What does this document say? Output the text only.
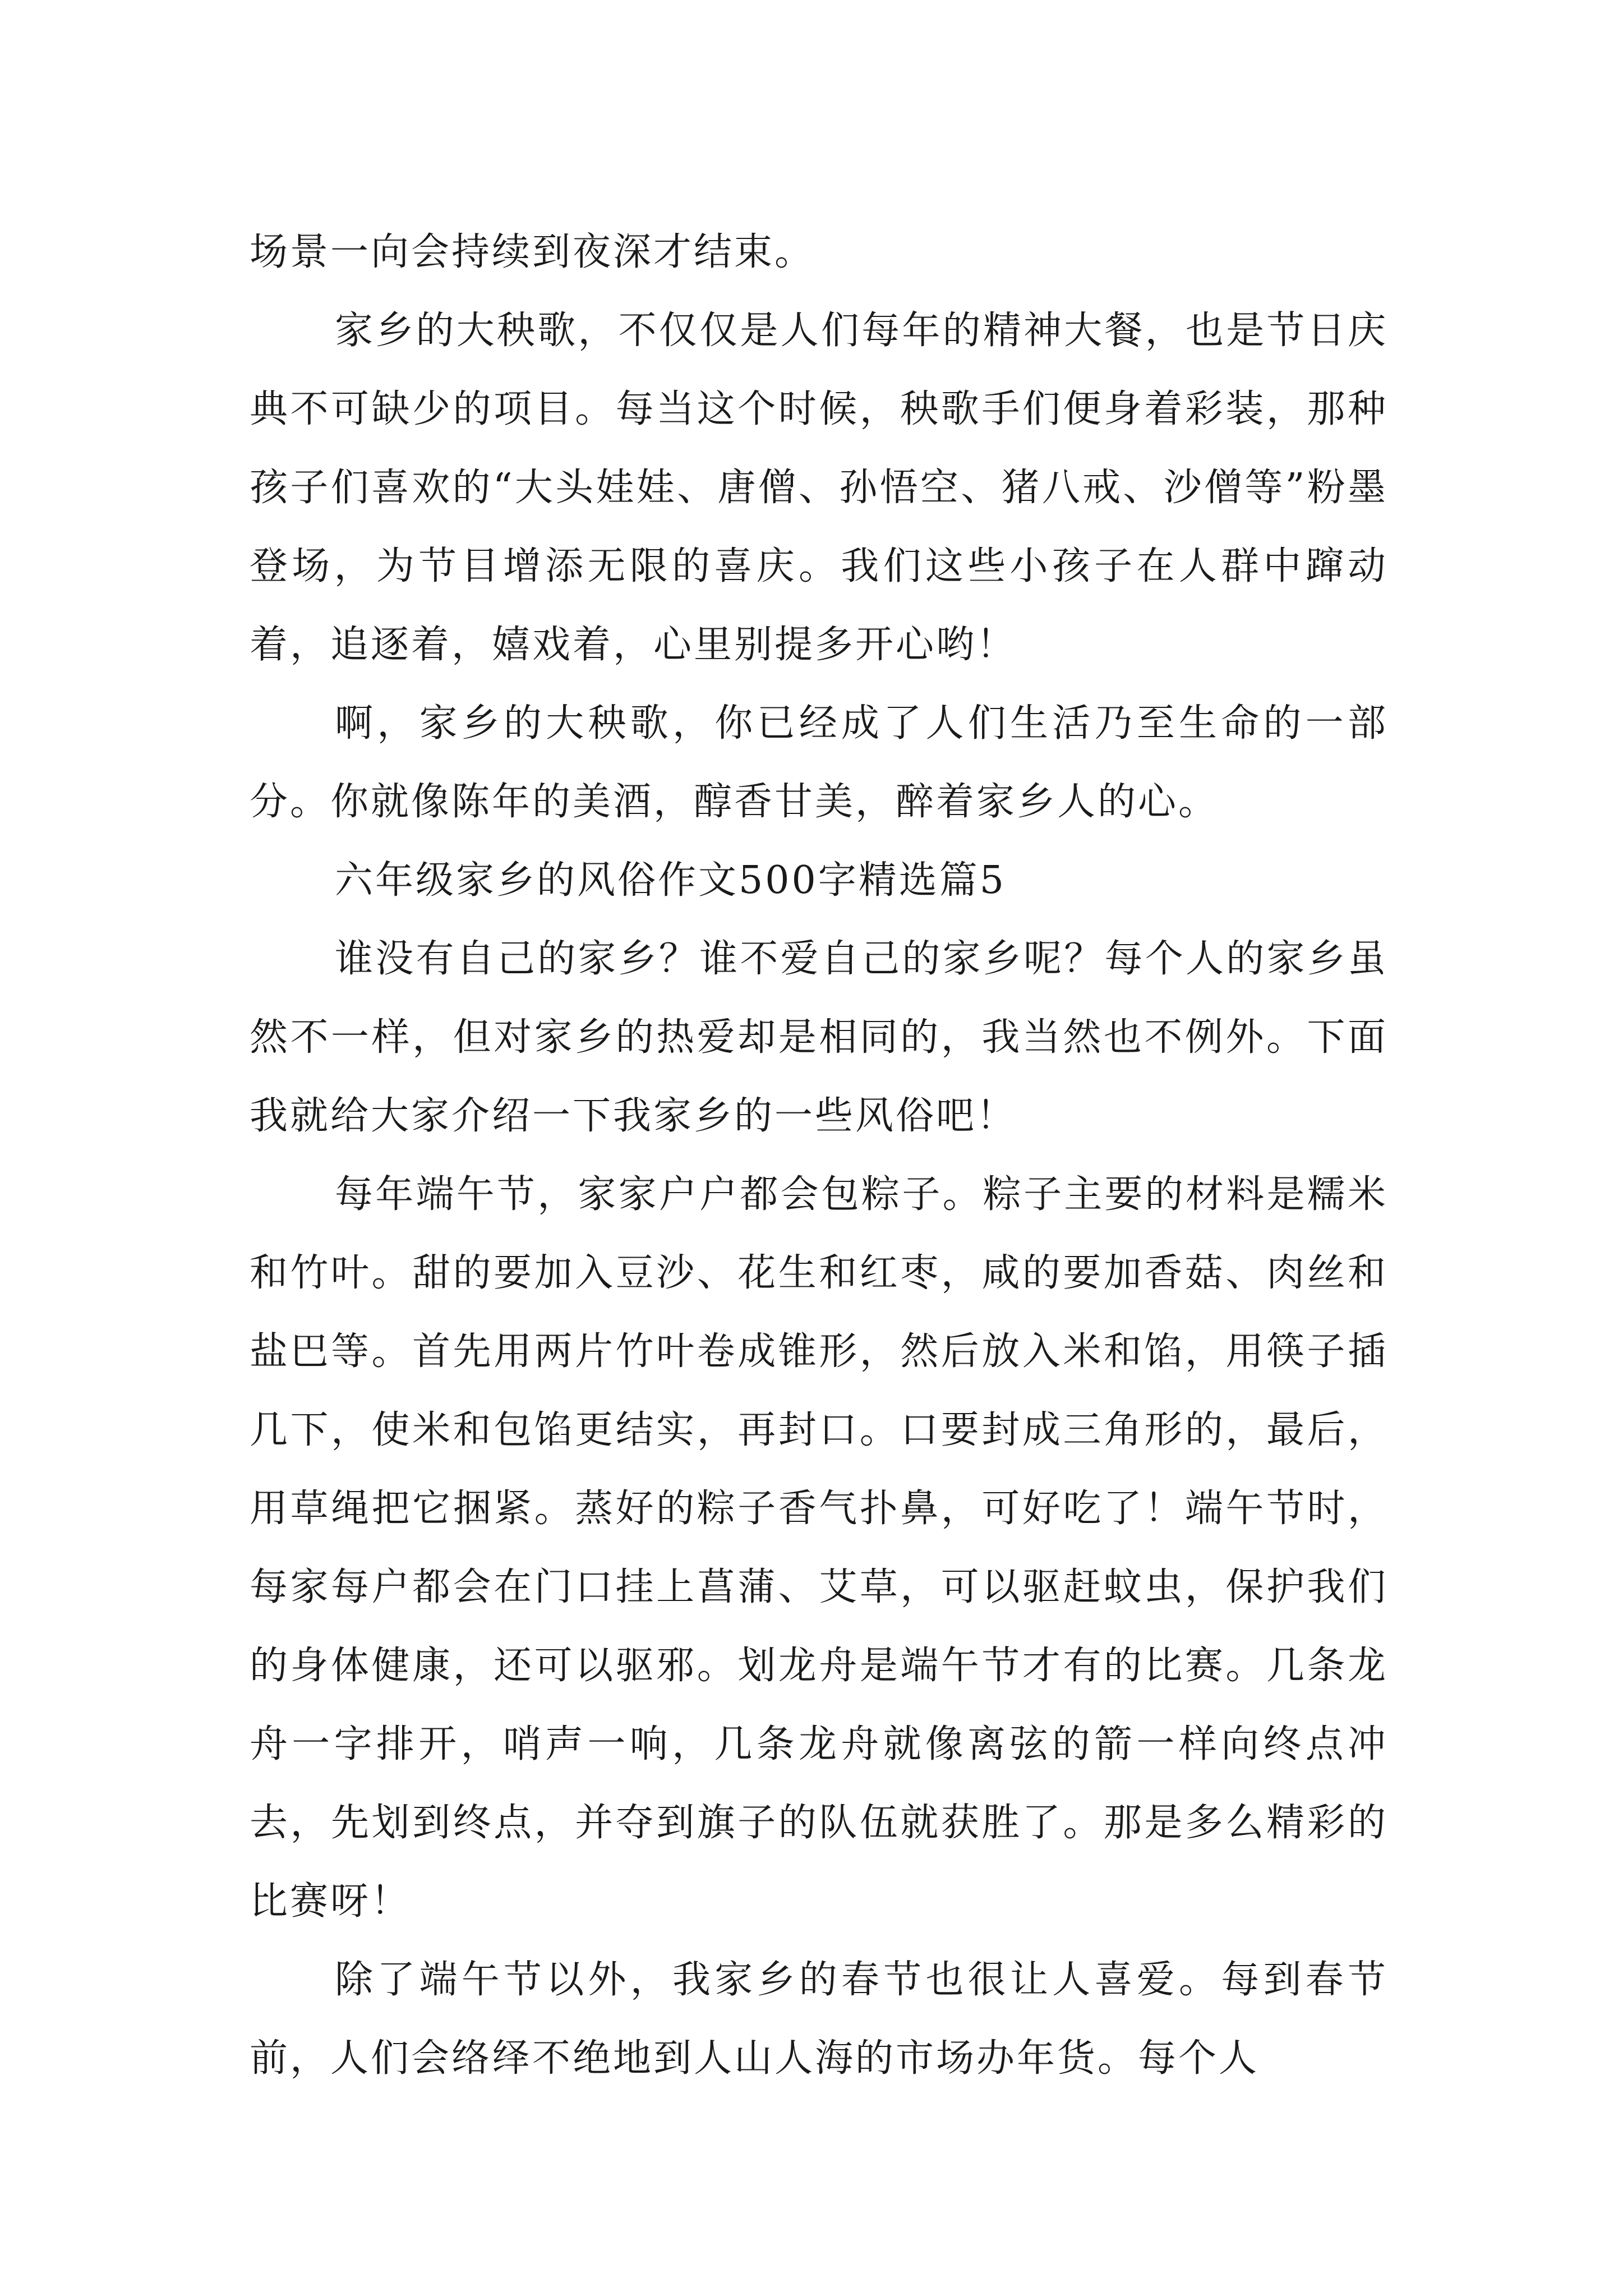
场景一向会持续到夜深才结束。

家乡的大秧歌，不仅仅是人们每年的精神大餐，也是节日庆典不可缺少的项目。每当这个时候，秧歌手们便身着彩装，那种孩子们喜欢的“大头娃娃、唐僧、孙悟空、猪八戒、沙僧等”粉墨登场，为节目增添无限的喜庆。我们这些小孩子在人群中蹿动着，追逐着，嬉戏着，心里别提多开心哟！

啊，家乡的大秧歌，你已经成了人们生活乃至生命的一部分。你就像陈年的美酒，醇香甘美，醉着家乡人的心。

六年级家乡的风俗作文500字精选篇5

谁没有自己的家乡？谁不爱自己的家乡呢？每个人的家乡虽然不一样，但对家乡的热爱却是相同的，我当然也不例外。下面我就给大家介绍一下我家乡的一些风俗吧！

每年端午节，家家户户都会包粽子。粽子主要的材料是糯米和竹叶。甜的要加入豆沙、花生和红枣，咸的要加香菇、肉丝和盐巴等。首先用两片竹叶卷成锥形，然后放入米和馅，用筷子插几下，使米和包馅更结实，再封口。口要封成三角形的，最后，用草绳把它捆紧。蒸好的粽子香气扑鼻，可好吃了！端午节时，每家每户都会在门口挂上菖蒲、艾草，可以驱赶蚊虫，保护我们的身体健康，还可以驱邪。划龙舟是端午节才有的比赛。几条龙舟一字排开，哨声一响，几条龙舟就像离弦的箭一样向终点冲去，先划到终点，并夺到旗子的队伍就获胜了。那是多么精彩的比赛呀！

除了端午节以外，我家乡的春节也很让人喜爱。每到春节前，人们会络绎不绝地到人山人海的市场办年货。每个人
